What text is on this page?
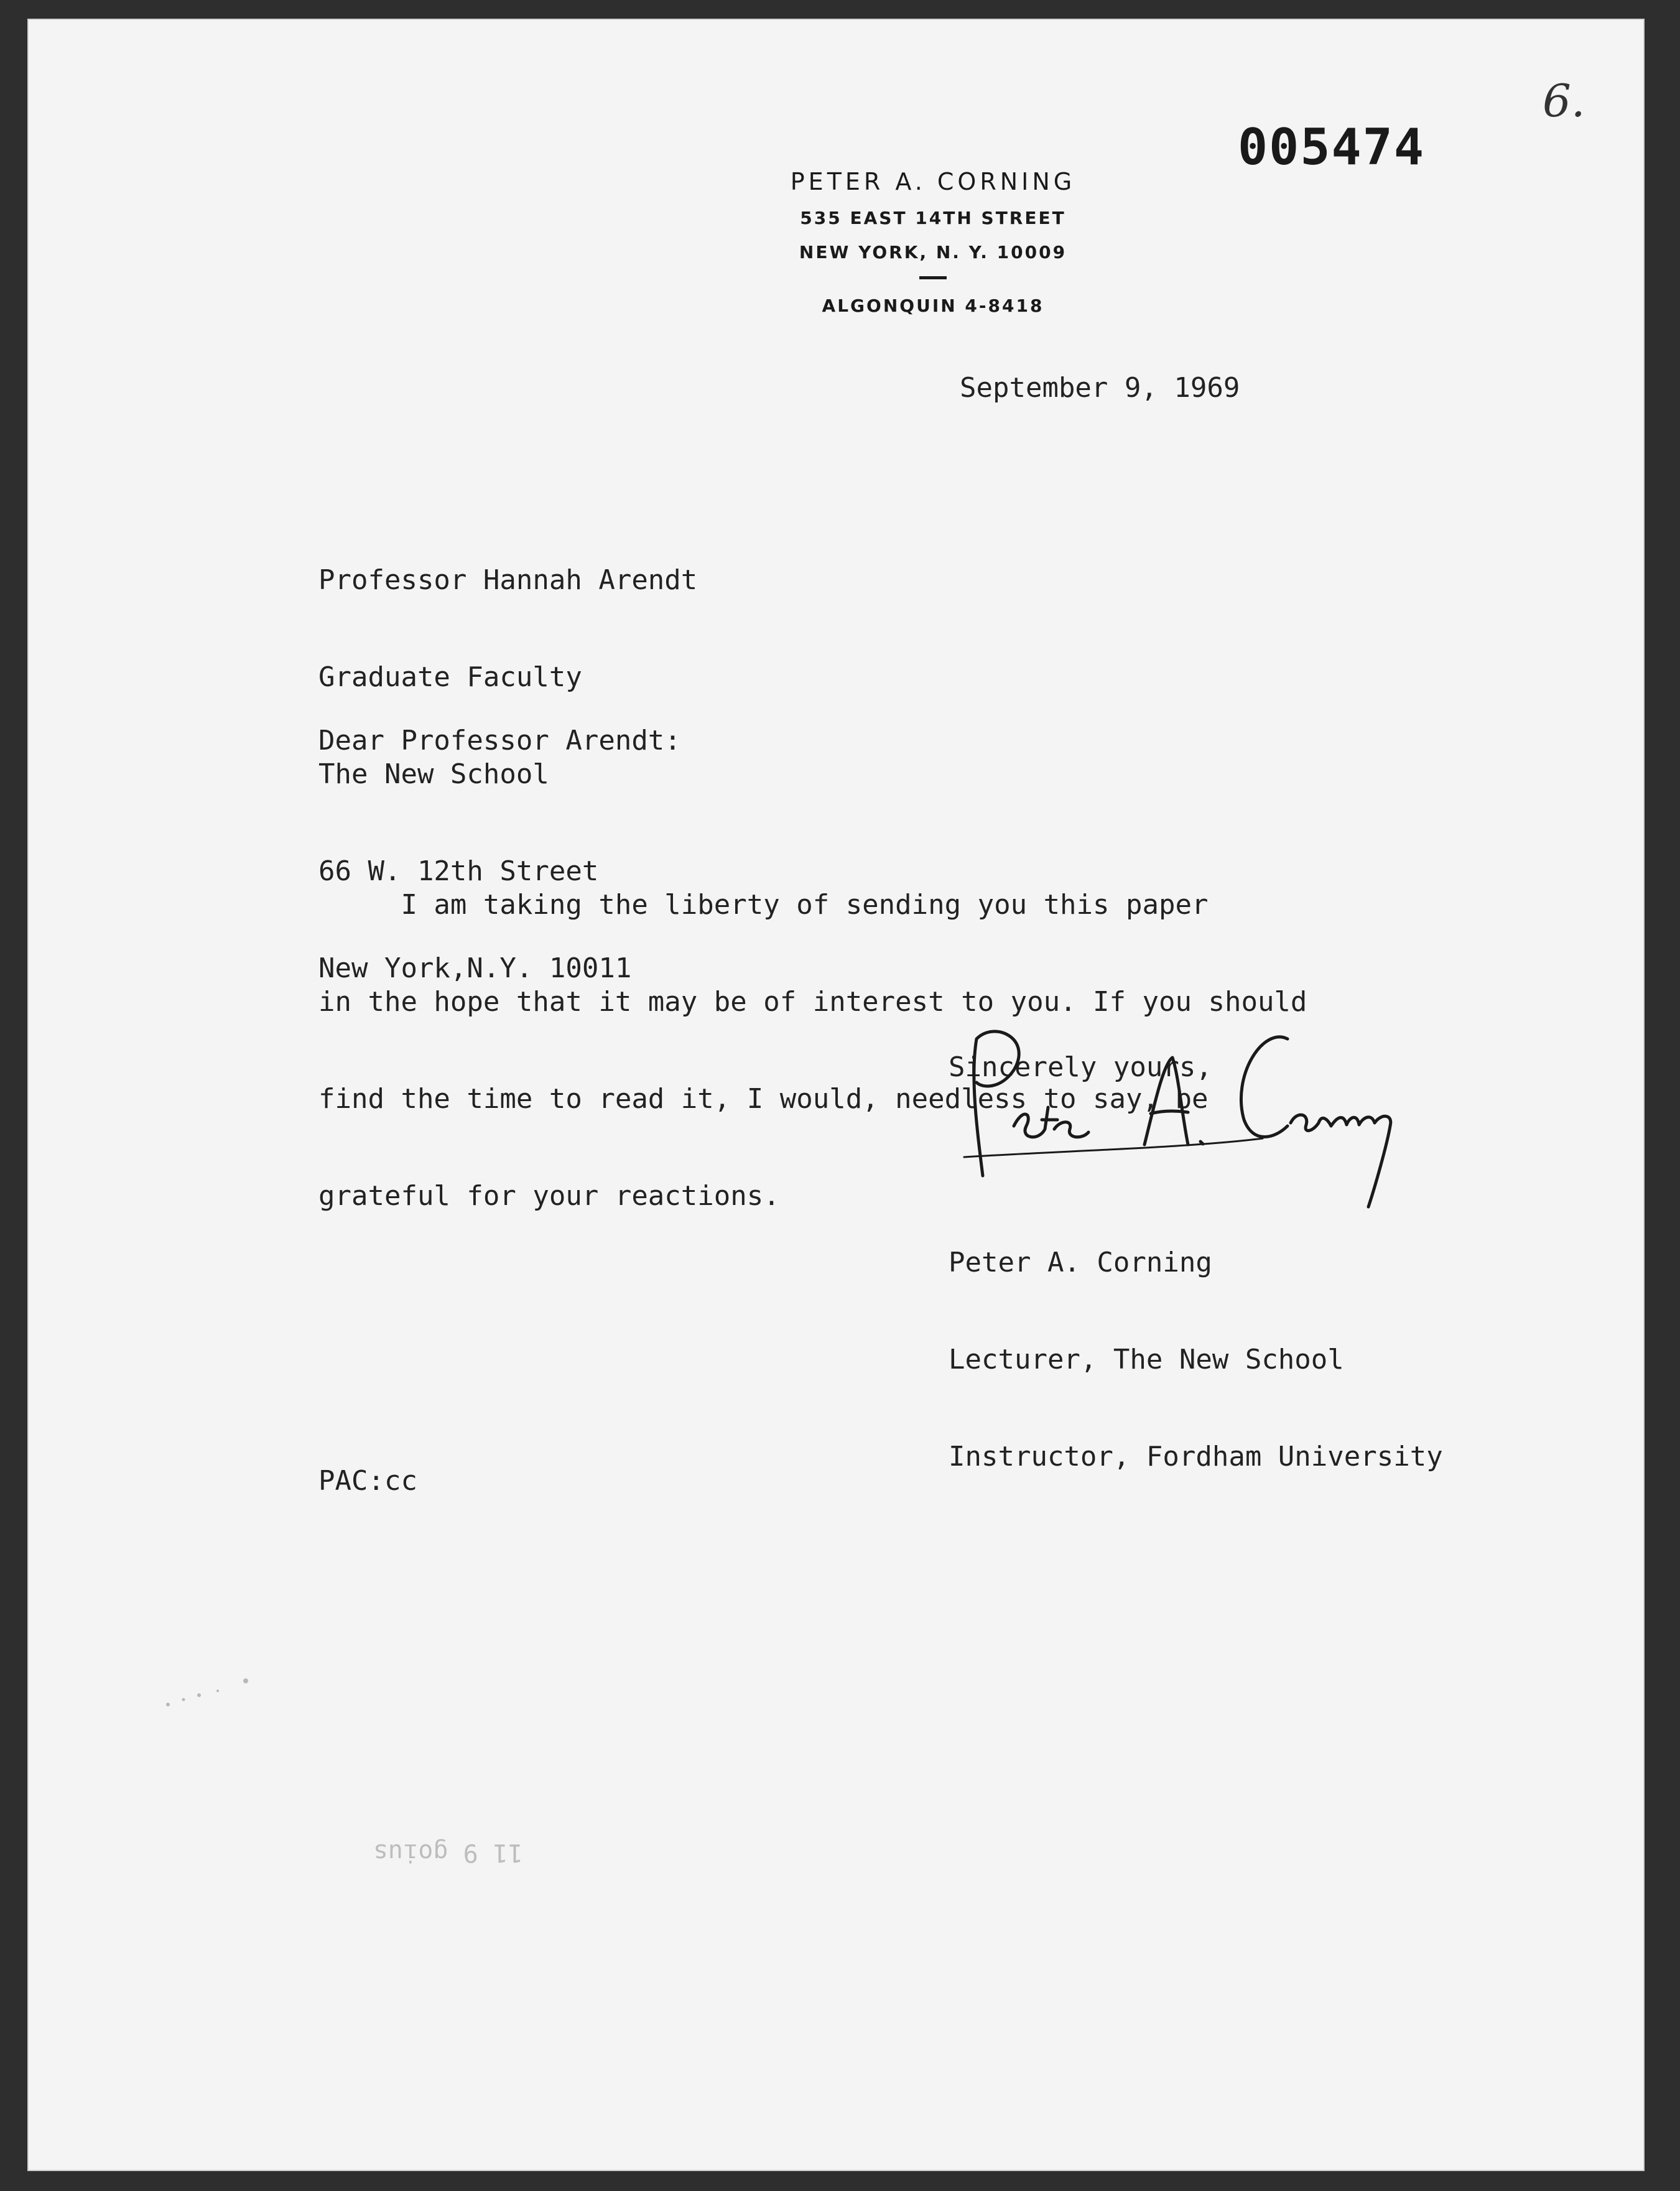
6.
005474
PETER A. CORNING
535 EAST 14TH STREET
NEW YORK, N. Y. 10009
ALGONQUIN 4-8418
September 9, 1969

Professor Hannah Arendt

Graduate Faculty

The New School

66 W. 12th Street

New York,N.Y. 10011

Dear Professor Arendt:

I am taking the liberty of sending you this paper

in the hope that it may be of interest to you. If you should

find the time to read it, I would, needless to say, be

grateful for your reactions.

Sincerely yours,

Peter A. Corning

Lecturer, The New School

Instructor, Fordham University

PAC:cc
11 9 goius
